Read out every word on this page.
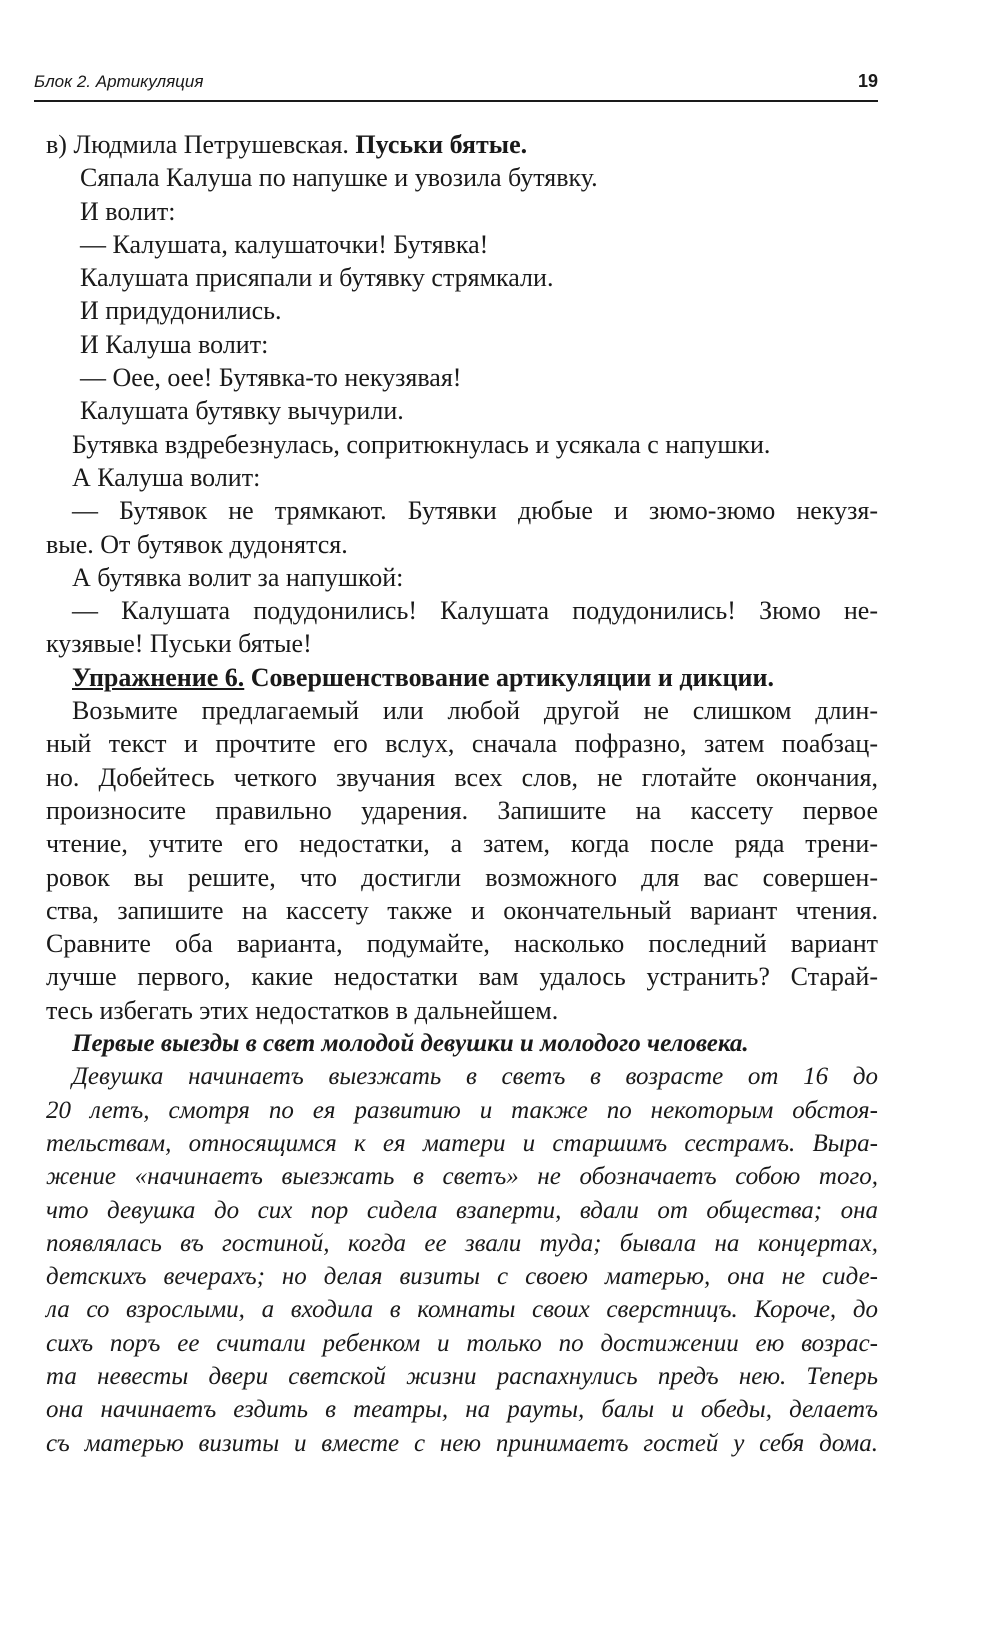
Блок 2. Артикуляция	19
в) Людмила Петрушевская. Пуськи бятые.
Сяпала Калуша по напушке и увозила бутявку.
И волит:
— Калушата, калушаточки! Бутявка!
Калушата присяпали и бутявку стрямкали.
И придудонились.
И Калуша волит:
— Оее, оее! Бутявка-то некузявая!
Калушата бутявку вычурили.
Бутявка вздребезнулась, сопритюкнулась и усякала с напушки.
А Калуша волит:
— Бутявок не трямкают. Бутявки дюбые и зюмо-зюмо некузя-
вые. От бутявок дудонятся.
А бутявка волит за напушкой:
— Калушата подудонились! Калушата подудонились! Зюмо не-
кузявые! Пуськи бятые!
Упражнение 6. Совершенствование артикуляции и дикции.
Возьмите предлагаемый или любой другой не слишком длин-
ный текст и прочтите его вслух, сначала пофразно, затем поабзац-
но. Добейтесь четкого звучания всех слов, не глотайте окончания,
произносите правильно ударения. Запишите на кассету первое
чтение, учтите его недостатки, а затем, когда после ряда трени-
ровок вы решите, что достигли возможного для вас совершен-
ства, запишите на кассету также и окончательный вариант чтения.
Сравните оба варианта, подумайте, насколько последний вариант
лучше первого, какие недостатки вам удалось устранить? Старай-
тесь избегать этих недостатков в дальнейшем.
Первые выезды в свет молодой девушки и молодого человека.
Девушка начинаетъ выезжать в светъ в возрасте от 16 до
20 летъ, смотря по ея развитию и также по некоторым обстоя-
тельствам, относящимся к ея матери и старшимъ сестрамъ. Выра-
жение «начинаетъ выезжать в светъ» не обозначаетъ собою того,
что девушка до сих пор сидела взаперти, вдали от общества; она
появлялась въ гостиной, когда ее звали туда; бывала на концертах,
детскихъ вечерахъ; но делая визиты с своею матерью, она не сиде-
ла со взрослыми, а входила в комнаты своих сверстницъ. Короче, до
сихъ поръ ее считали ребенком и только по достижении ею возрас-
та невесты двери светской жизни распахнулись предъ нею. Теперь
она начинаетъ ездить в театры, на рауты, балы и обеды, делаетъ
съ матерью визиты и вместе с нею принимаетъ гостей у себя дома.
